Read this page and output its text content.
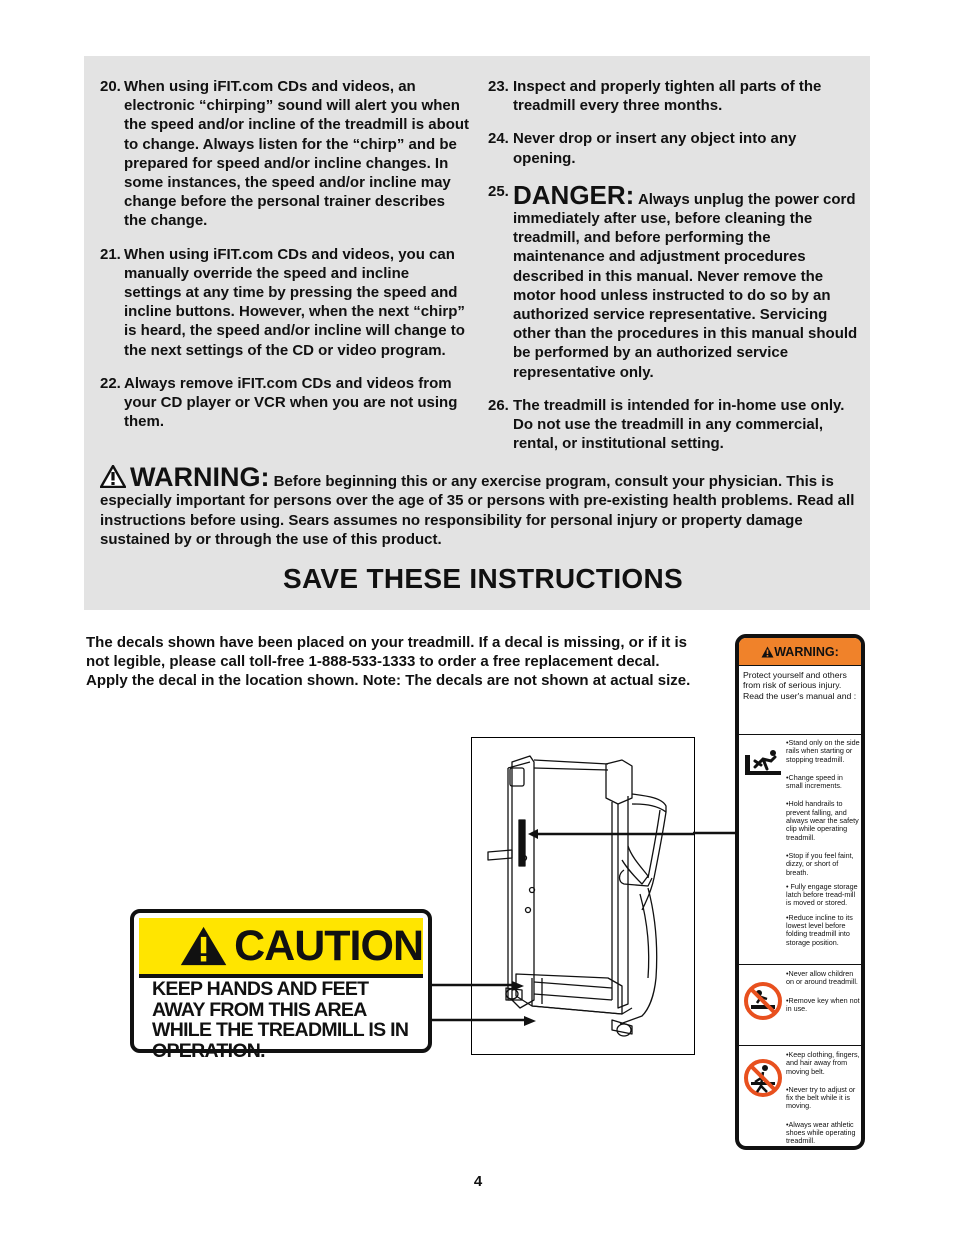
20. When using iFIT.com CDs and videos, an electronic “chirping” sound will alert you when the speed and/or incline of the treadmill is about to change. Always listen for the “chirp” and be prepared for speed and/or incline changes. In some instances, the speed and/or incline may change before the personal trainer describes the change.
21. When using iFIT.com CDs and videos, you can manually override the speed and incline settings at any time by pressing the speed and incline buttons. However, when the next “chirp” is heard, the speed and/or incline will change to the next settings of the CD or video program.
22. Always remove iFIT.com CDs and videos from your CD player or VCR when you are not using them.
23. Inspect and properly tighten all parts of the treadmill every three months.
24. Never drop or insert any object into any opening.
25. DANGER: Always unplug the power cord immediately after use, before cleaning the treadmill, and before performing the maintenance and adjustment procedures described in this manual. Never remove the motor hood unless instructed to do so by an authorized service representative. Servicing other than the procedures in this manual should be performed by an authorized service representative only.
26. The treadmill is intended for in-home use only. Do not use the treadmill in any commercial, rental, or institutional setting.
WARNING: Before beginning this or any exercise program, consult your physician. This is especially important for persons over the age of 35 or persons with pre-existing health problems. Read all instructions before using. Sears assumes no responsibility for personal injury or property damage sustained by or through the use of this product.
SAVE THESE INSTRUCTIONS
The decals shown have been placed on your treadmill. If a decal is missing, or if it is not legible, please call toll-free 1-888-533-1333 to order a free replacement decal. Apply the decal in the location shown. Note: The decals are not shown at actual size.
CAUTION
KEEP HANDS AND FEET AWAY FROM THIS AREA WHILE THE TREADMILL IS IN OPERATION.
WARNING:
Protect yourself and others from risk of serious injury. Read the user's manual and :
•Stand only on the side rails when starting or stopping treadmill.
•Change speed in small increments.
•Hold handrails to prevent falling, and always wear the safety clip while operating treadmill.
•Stop if you feel faint, dizzy, or short of breath.
• Fully engage storage latch before tread-mill is moved or stored.
•Reduce incline to its lowest level before folding treadmill into storage position.
•Never allow children on or around treadmill.
•Remove key when not in use.
•Keep clothing, fingers, and hair away from moving belt.
•Never try to adjust or fix the belt while it is moving.
•Always wear athletic shoes while operating treadmill.
4
